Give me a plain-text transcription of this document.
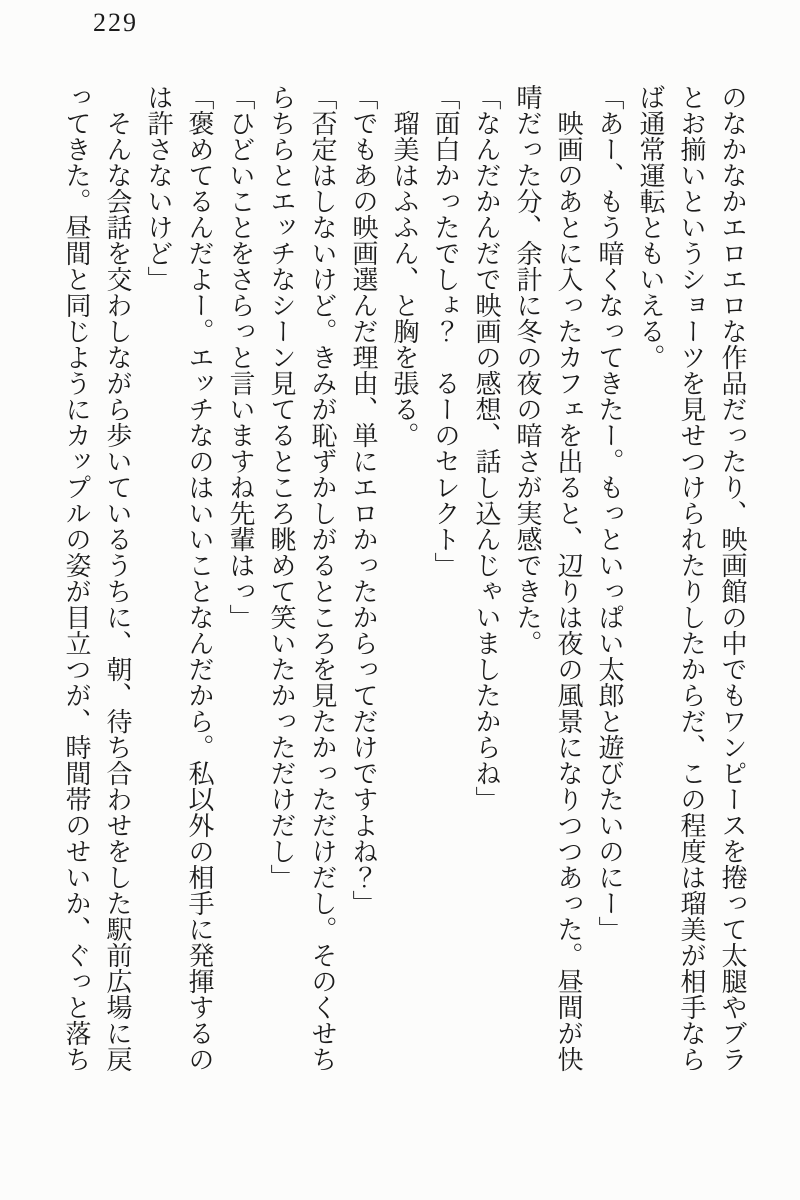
229

のなかなかエロエロな作品だったり、映画館の中でもワンピースを捲って太腿やブラとお揃いというショーツを見せつけられたりしたからだ、この程度は瑠美が相手ならば通常運転ともいえる。

「あー、もう暗くなってきたー。もっといっぱい太郎と遊びたいのにー」

映画のあとに入ったカフェを出ると、辺りは夜の風景になりつつあった。昼間が快晴だった分、余計に冬の夜の暗さが実感できた。

「なんだかんだで映画の感想、話し込んじゃいましたからね」

「面白かったでしょ？　るーのセレクト」

瑠美はふふん、と胸を張る。

「でもあの映画選んだ理由、単にエロかったからってだけですよね？」

「否定はしないけど。きみが恥ずかしがるところを見たかっただけだし。そのくせちらちらとエッチなシーン見てるところ眺めて笑いたかっただけだし」

「ひどいことをさらっと言いますね先輩はっ」

「褒めてるんだよー。エッチなのはいいことなんだから。私以外の相手に発揮するのは許さないけど」

そんな会話を交わしながら歩いているうちに、朝、待ち合わせをした駅前広場に戻ってきた。昼間と同じようにカップルの姿が目立つが、時間帯のせいか、ぐっと落ち
